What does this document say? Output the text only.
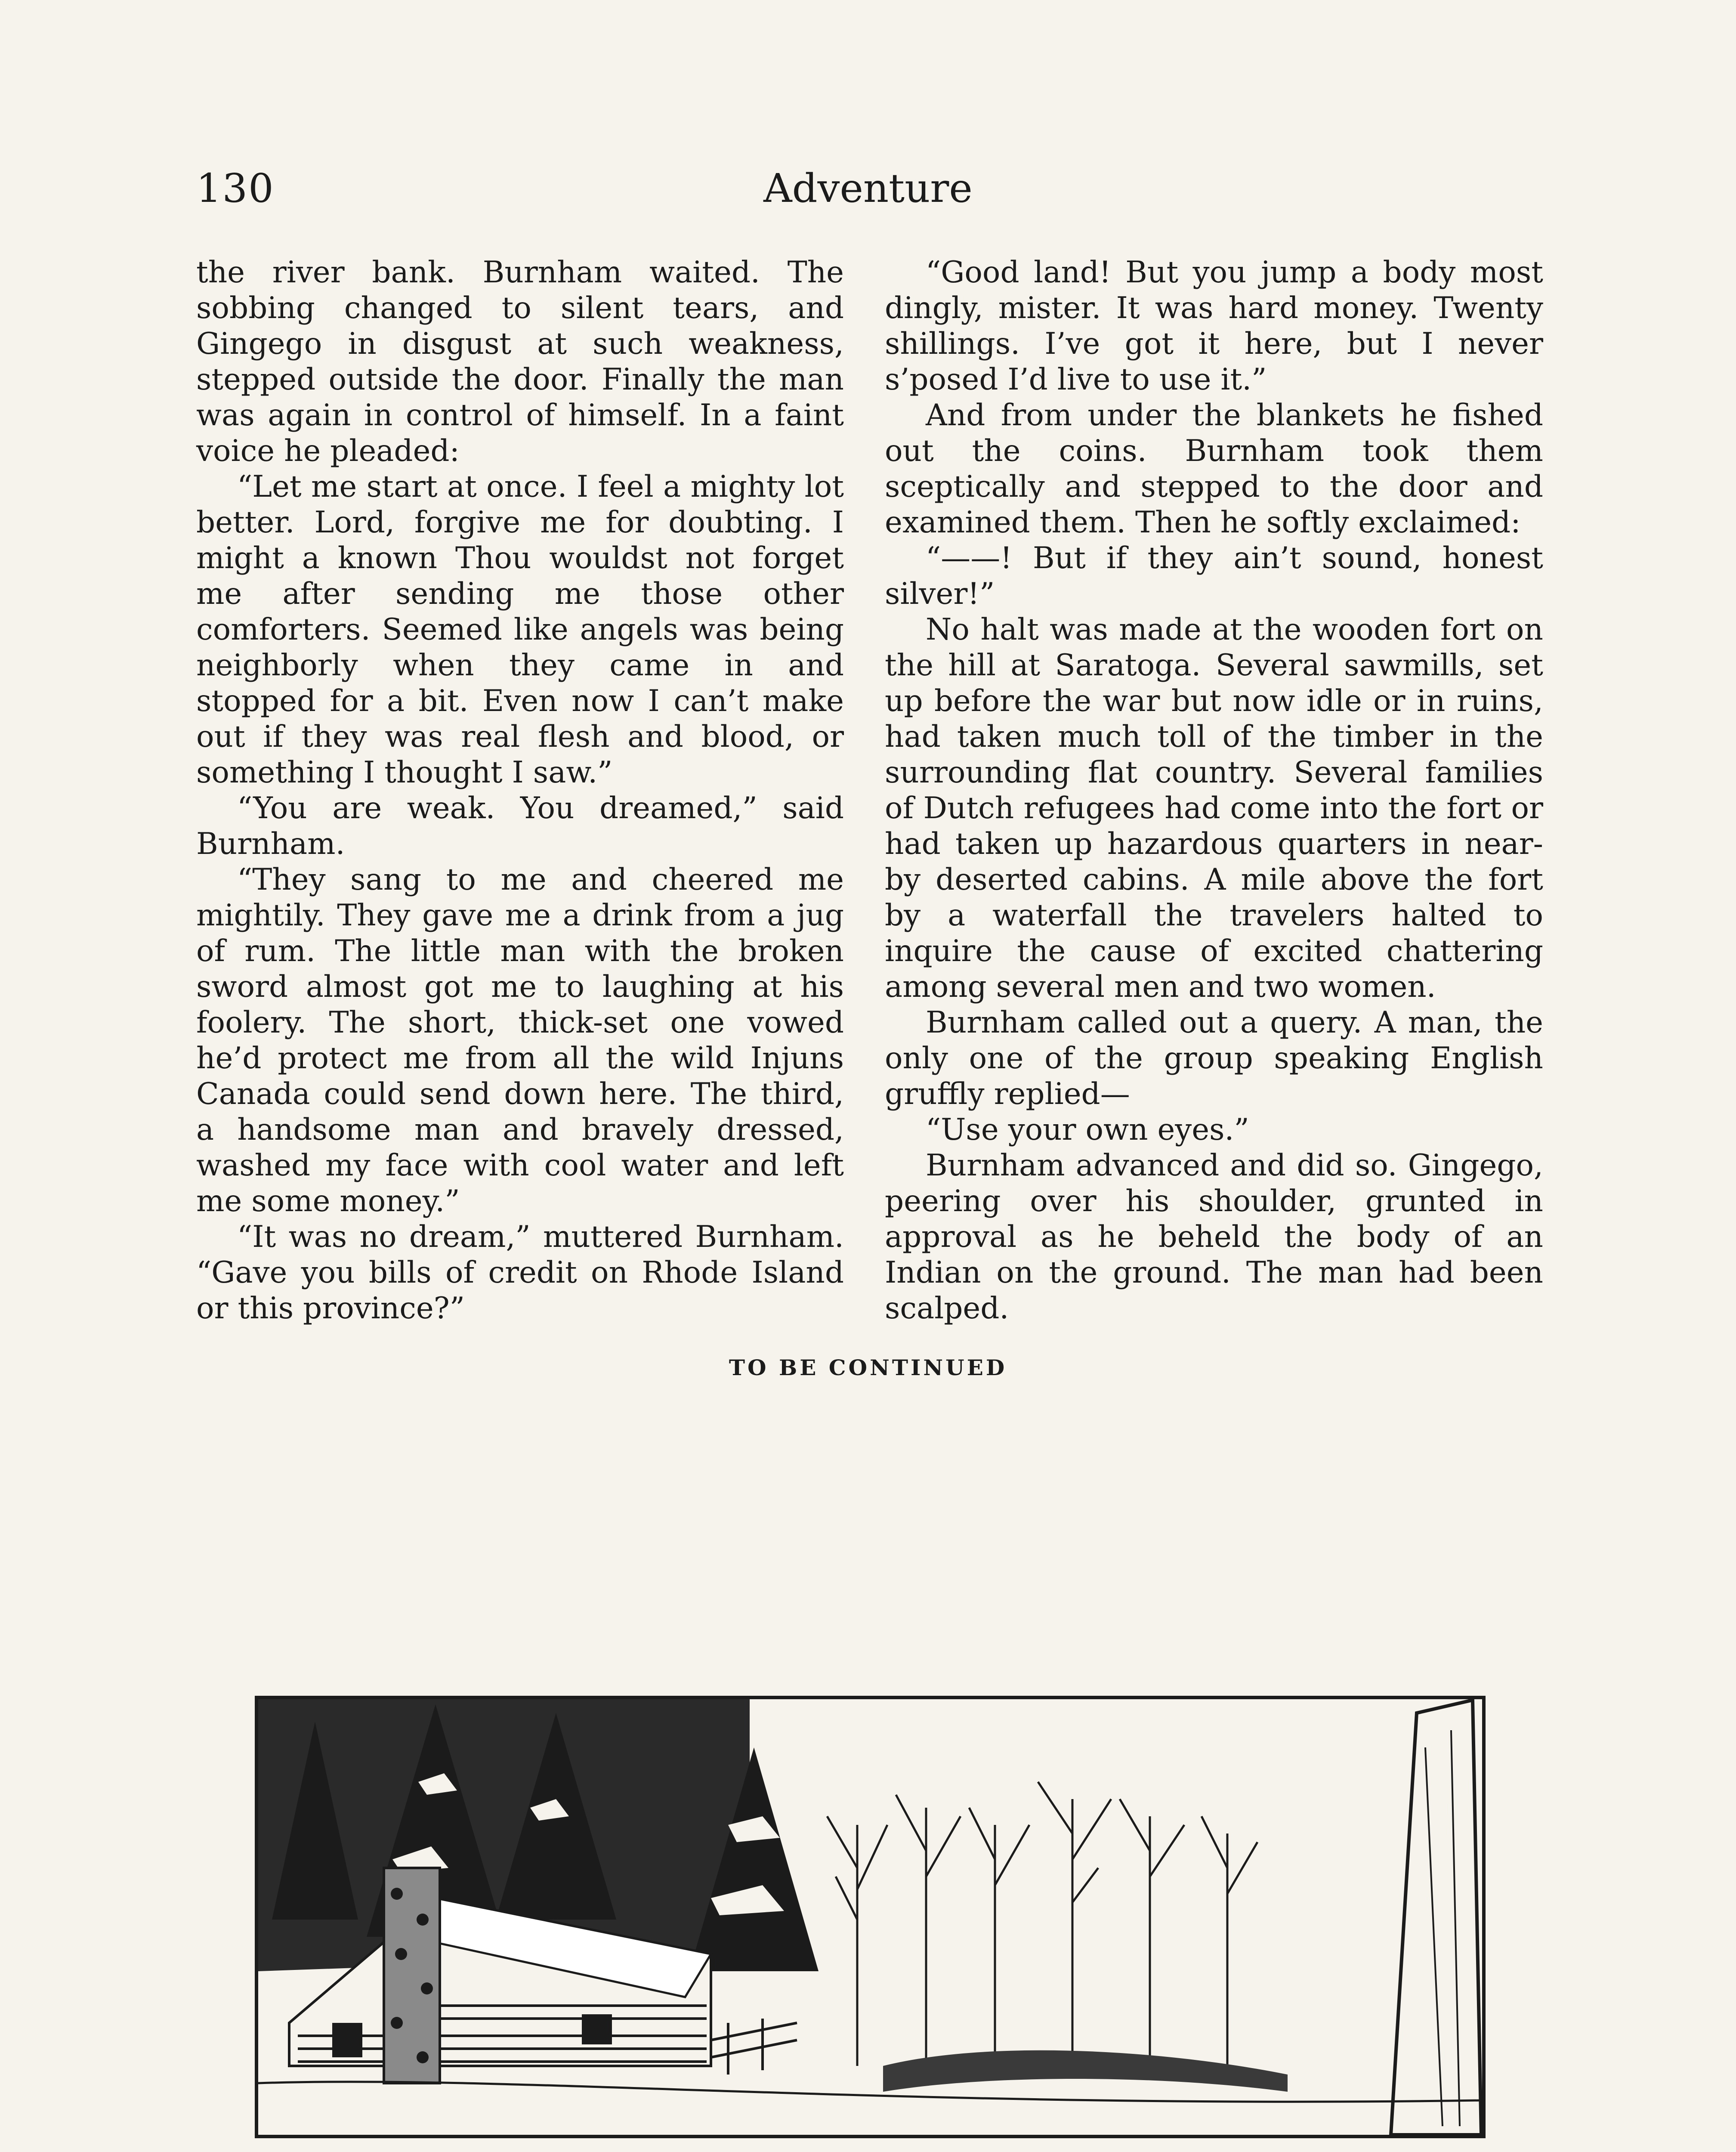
130	Adventure

the river bank. Burnham waited. The sobbing changed to silent tears, and Gingego in disgust at such weakness, stepped outside the door. Finally the man was again in control of himself. In a faint voice he pleaded:

“Let me start at once. I feel a mighty lot better. Lord, forgive me for doubting. I might a known Thou wouldst not forget me after sending me those other comforters. Seemed like angels was being neighborly when they came in and stopped for a bit. Even now I can’t make out if they was real flesh and blood, or something I thought I saw.”

“You are weak. You dreamed,” said Burnham.

“They sang to me and cheered me mightily. They gave me a drink from a jug of rum. The little man with the broken sword almost got me to laughing at his foolery. The short, thick-set one vowed he’d protect me from all the wild Injuns Canada could send down here. The third, a handsome man and bravely dressed, washed my face with cool water and left me some money.”

“It was no dream,” muttered Burnham. “Gave you bills of credit on Rhode Island or this province?”

“Good land! But you jump a body most dingly, mister. It was hard money. Twenty shillings. I’ve got it here, but I never s’posed I’d live to use it.”

And from under the blankets he fished out the coins. Burnham took them sceptically and stepped to the door and examined them. Then he softly exclaimed:

“——! But if they ain’t sound, honest silver!”

No halt was made at the wooden fort on the hill at Saratoga. Several sawmills, set up before the war but now idle or in ruins, had taken much toll of the timber in the surrounding flat country. Several families of Dutch refugees had come into the fort or had taken up hazardous quarters in near-by deserted cabins. A mile above the fort by a waterfall the travelers halted to inquire the cause of excited chattering among several men and two women.

Burnham called out a query. A man, the only one of the group speaking English gruffly replied—

“Use your own eyes.”

Burnham advanced and did so. Gingego, peering over his shoulder, grunted in approval as he beheld the body of an Indian on the ground. The man had been scalped.

TO BE CONTINUED
